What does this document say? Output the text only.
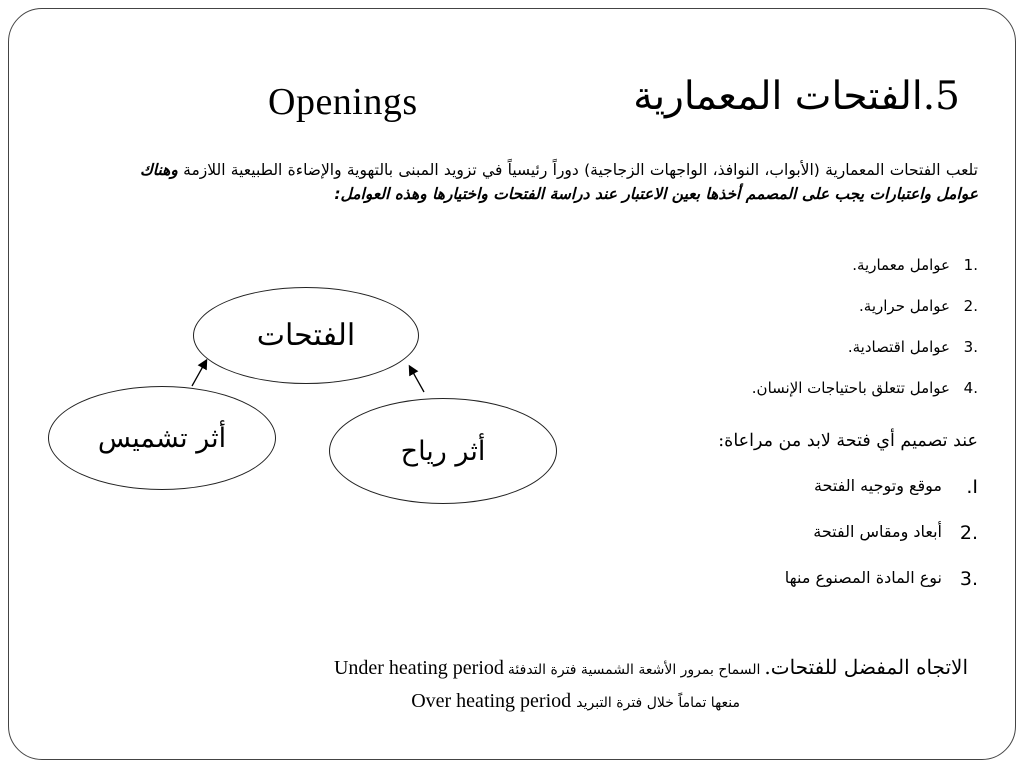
Openings	5.الفتحات المعمارية
تلعب الفتحات المعمارية (الأبواب، النوافذ، الواجهات الزجاجية) دوراً رئيسياً في تزويد المبنى بالتهوية والإضاءة الطبيعية اللازمة وهناك عوامل واعتبارات يجب على المصمم أخذها بعين الاعتبار عند دراسة الفتحات واختيارها وهذه العوامل:
.1
عوامل معمارية.
.2
عوامل حرارية.
.3
عوامل اقتصادية.
.4
عوامل تتعلق باحتياجات الإنسان.
عند تصميم أي فتحة لابد من مراعاة:
I.
موقع وتوجيه الفتحة
.2
أبعاد ومقاس الفتحة
.3
نوع المادة المصنوع منها
الفتحات
أثر تشميس	أثر رياح
الاتجاه المفضل للفتحات. السماح بمرور الأشعة الشمسية فترة التدفئة Under heating period
منعها تماماًَ خلال فترة التبريد Over heating period
